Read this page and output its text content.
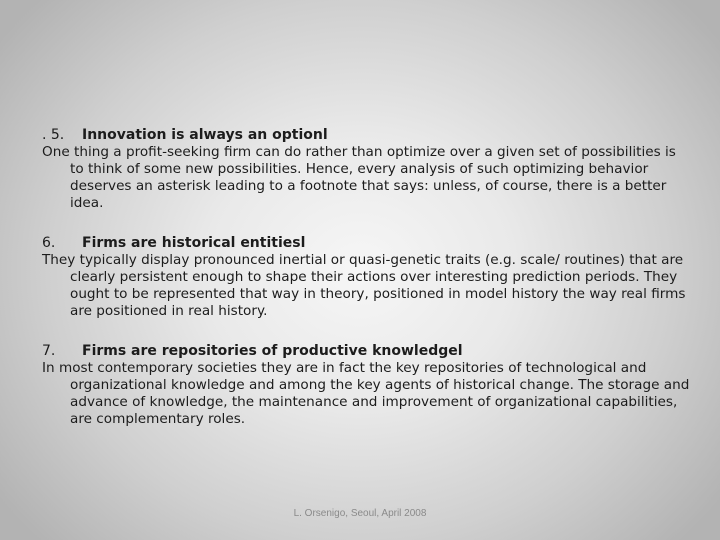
. 5. Innovation is always an optionl

One thing a profit-seeking firm can do rather than optimize over a given set of possibilities is to think of some new possibilities. Hence, every analysis of such optimizing behavior deserves an asterisk leading to a footnote that says: unless, of course, there is a better idea.

6. Firms are historical entitiesl

They typically display pronounced inertial or quasi-genetic traits (e.g. scale/ routines) that are clearly persistent enough to shape their actions over interesting prediction periods. They ought to be represented that way in theory, positioned in model history the way real firms are positioned in real history.

7. Firms are repositories of productive knowledgel

In most contemporary societies they are in fact the key repositories of technological and organizational knowledge and among the key agents of historical change. The storage and advance of knowledge, the maintenance and improvement of organizational capabilities, are complementary roles.

L. Orsenigo, Seoul, April 2008
